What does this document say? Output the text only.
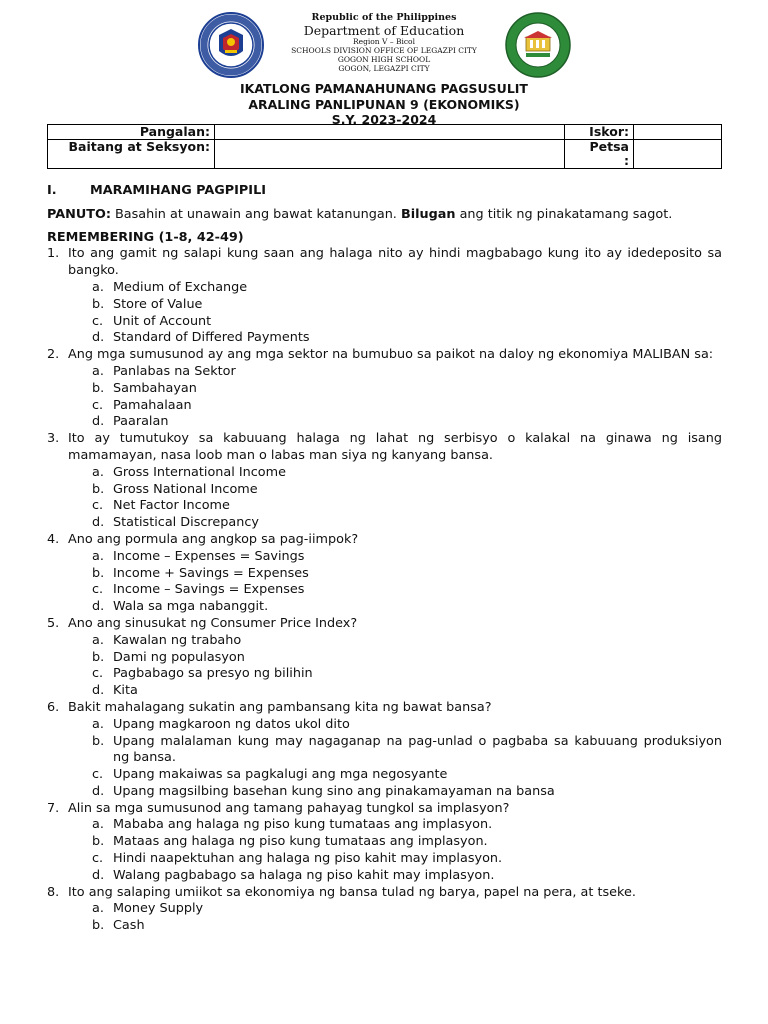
Republic of the Philippines
Department of Education
Region V – Bicol
SCHOOLS DIVISION OFFICE OF LEGAZPI CITY
GOGON HIGH SCHOOL
GOGON, LEGAZPI CITY
IKATLONG PAMANAHUNANG PAGSUSULIT
ARALING PANLIPUNAN 9 (EKONOMIKS)
S.Y. 2023-2024
Pangalan:		Iskor:	
Baitang at Seksyon:		Petsa
:	

I.	MARAMIHANG PAGPIPILI
PANUTO: Basahin at unawain ang bawat katanungan. Bilugan ang titik ng pinakatamang sagot.
REMEMBERING (1-8, 42-49)
1. Ito ang gamit ng salapi kung saan ang halaga nito ay hindi magbabago kung ito ay idedeposito sa bangko.
a. Medium of Exchange
b. Store of Value
c. Unit of Account
d. Standard of Differed Payments
2. Ang mga sumusunod ay ang mga sektor na bumubuo sa paikot na daloy ng ekonomiya MALIBAN sa:
a. Panlabas na Sektor
b. Sambahayan
c. Pamahalaan
d. Paaralan
3. Ito ay tumutukoy sa kabuuang halaga ng lahat ng serbisyo o kalakal na ginawa ng isang mamamayan, nasa loob man o labas man siya ng kanyang bansa.
a. Gross International Income
b. Gross National Income
c. Net Factor Income
d. Statistical Discrepancy
4. Ano ang pormula ang angkop sa pag-iimpok?
a. Income – Expenses = Savings
b. Income + Savings = Expenses
c. Income – Savings = Expenses
d. Wala sa mga nabanggit.
5. Ano ang sinusukat ng Consumer Price Index?
a. Kawalan ng trabaho
b. Dami ng populasyon
c. Pagbabago sa presyo ng bilihin
d. Kita
6. Bakit mahalagang sukatin ang pambansang kita ng bawat bansa?
a. Upang magkaroon ng datos ukol dito
b. Upang malalaman kung may nagaganap na pag-unlad o pagbaba sa kabuuang produksiyon ng bansa.
c. Upang makaiwas sa pagkalugi ang mga negosyante
d. Upang magsilbing basehan kung sino ang pinakamayaman na bansa
7. Alin sa mga sumusunod ang tamang pahayag tungkol sa implasyon?
a. Mababa ang halaga ng piso kung tumataas ang implasyon.
b. Mataas ang halaga ng piso kung tumataas ang implasyon.
c. Hindi naapektuhan ang halaga ng piso kahit may implasyon.
d. Walang pagbabago sa halaga ng piso kahit may implasyon.
8. Ito ang salaping umiikot sa ekonomiya ng bansa tulad ng barya, papel na pera, at tseke.
a. Money Supply
b. Cash
